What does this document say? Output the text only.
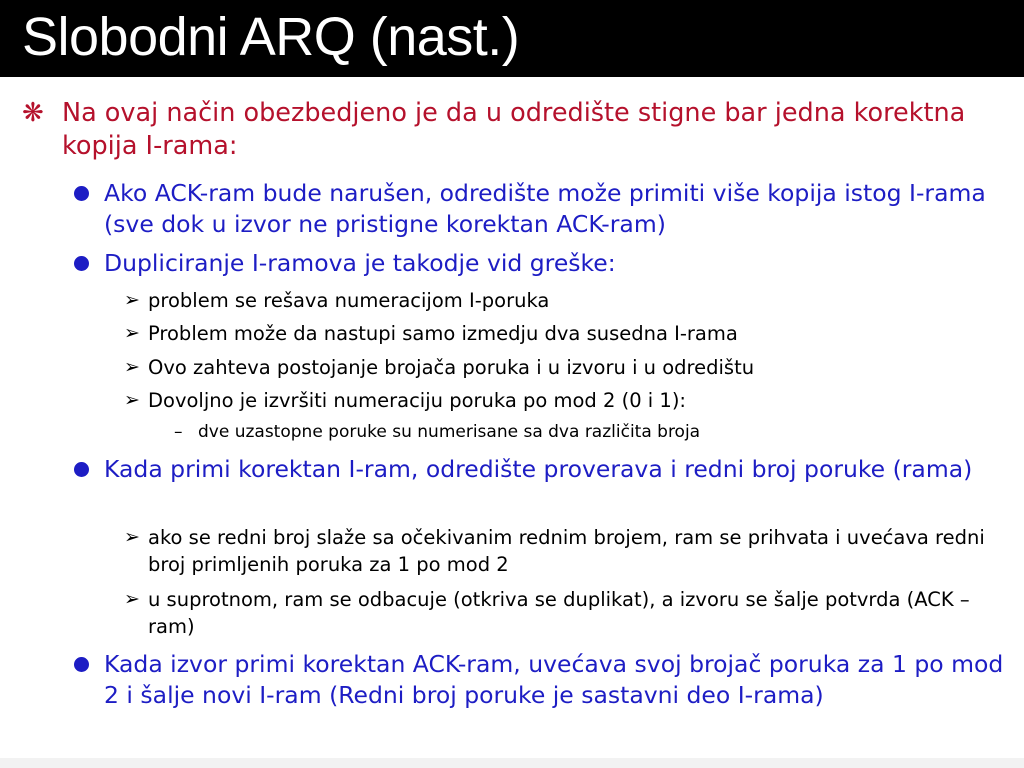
Slobodni ARQ (nast.)
❋ Na ovaj način obezbedjeno je da u odredište stigne bar jedna korektna kopija I-rama:
Ako ACK-ram bude narušen, odredište može primiti više kopija istog I-rama (sve dok u izvor ne pristigne korektan ACK-ram)
Dupliciranje I-ramova je takodje vid greške:
➢ problem se rešava numeracijom I-poruka
➢ Problem može da nastupi samo izmedju dva susedna I-rama
➢ Ovo zahteva postojanje brojača poruka i u izvoru i u odredištu
➢ Dovoljno je izvršiti numeraciju poruka po mod 2 (0 i 1):
– dve uzastopne poruke su numerisane sa dva različita broja
Kada primi korektan I-ram, odredište proverava i redni broj poruke (rama)
➢ ako se redni broj slaže sa očekivanim rednim brojem, ram se prihvata i uvećava redni broj primljenih poruka za 1 po mod 2
➢ u suprotnom, ram se odbacuje (otkriva se duplikat), a izvoru se šalje potvrda (ACK –ram)
Kada izvor primi korektan ACK-ram, uvećava svoj brojač poruka za 1 po mod 2 i šalje novi I-ram (Redni broj poruke je sastavni deo I-rama)
